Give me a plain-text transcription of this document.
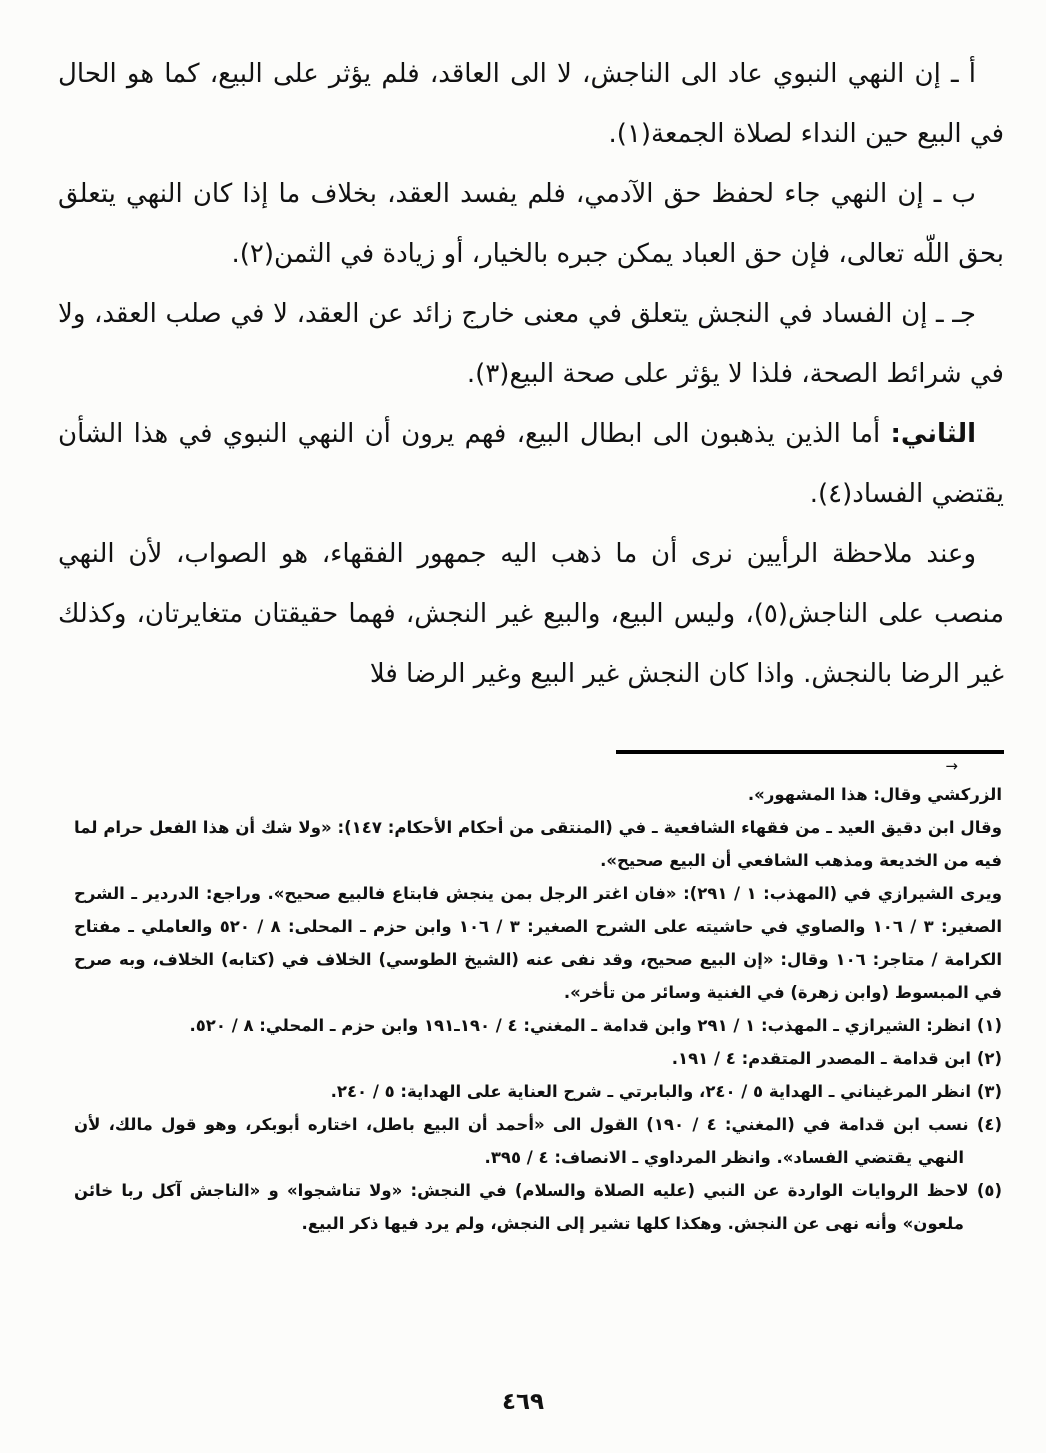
أ ـ إن النهي النبوي عاد الى الناجش، لا الى العاقد، فلم يؤثر على البيع، كما هو الحال في البيع حين النداء لصلاة الجمعة(١).

ب ـ إن النهي جاء لحفظ حق الآدمي، فلم يفسد العقد، بخلاف ما إذا كان النهي يتعلق بحق اللّه تعالى، فإن حق العباد يمكن جبره بالخيار، أو زيادة في الثمن(٢).

جـ ـ إن الفساد في النجش يتعلق في معنى خارج زائد عن العقد، لا في صلب العقد، ولا في شرائط الصحة، فلذا لا يؤثر على صحة البيع(٣).

الثاني: أما الذين يذهبون الى ابطال البيع، فهم يرون أن النهي النبوي في هذا الشأن يقتضي الفساد(٤).

وعند ملاحظة الرأيين نرى أن ما ذهب اليه جمهور الفقهاء، هو الصواب، لأن النهي منصب على الناجش(٥)، وليس البيع، والبيع غير النجش، فهما حقيقتان متغايرتان، وكذلك غير الرضا بالنجش. واذا كان النجش غير البيع وغير الرضا فلا

→

الزركشي وقال: هذا المشهور».

وقال ابن دقيق العيد ـ من فقهاء الشافعية ـ في (المنتقى من أحكام الأحكام: ١٤٧): «ولا شك أن هذا الفعل حرام لما فيه من الخديعة ومذهب الشافعي أن البيع صحيح».

ويرى الشيرازي في (المهذب: ١ / ٢٩١): «فان اغتر الرجل بمن ينجش فابتاع فالبيع صحيح». وراجع: الدردير ـ الشرح الصغير: ٣ / ١٠٦ والصاوي في حاشيته على الشرح الصغير: ٣ / ١٠٦ وابن حزم ـ المحلى: ٨ / ٥٢٠ والعاملي ـ مفتاح الكرامة / متاجر: ١٠٦ وقال: «إن البيع صحيح، وقد نفى عنه (الشيخ الطوسي) الخلاف في (كتابه) الخلاف، وبه صرح في المبسوط (وابن زهرة) في الغنية وسائر من تأخر».

(١) انظر: الشيرازي ـ المهذب: ١ / ٢٩١ وابن قدامة ـ المغني: ٤ / ١٩٠ـ١٩١ وابن حزم ـ المحلي: ٨ / ٥٢٠.

(٢) ابن قدامة ـ المصدر المتقدم: ٤ / ١٩١.

(٣) انظر المرغيناني ـ الهداية ٥ / ٢٤٠، والبابرتي ـ شرح العناية على الهداية: ٥ / ٢٤٠.

(٤) نسب ابن قدامة في (المغني: ٤ / ١٩٠) القول الى «أحمد أن البيع باطل، اختاره أبوبكر، وهو قول مالك، لأن النهي يقتضي الفساد». وانظر المرداوي ـ الانصاف: ٤ / ٣٩٥.

(٥) لاحظ الروايات الواردة عن النبي (عليه الصلاة والسلام) في النجش: «ولا تناشجوا» و «الناجش آكل ربا خائن ملعون» وأنه نهى عن النجش. وهكذا كلها تشير إلى النجش، ولم يرد فيها ذكر البيع.

٤٦٩
